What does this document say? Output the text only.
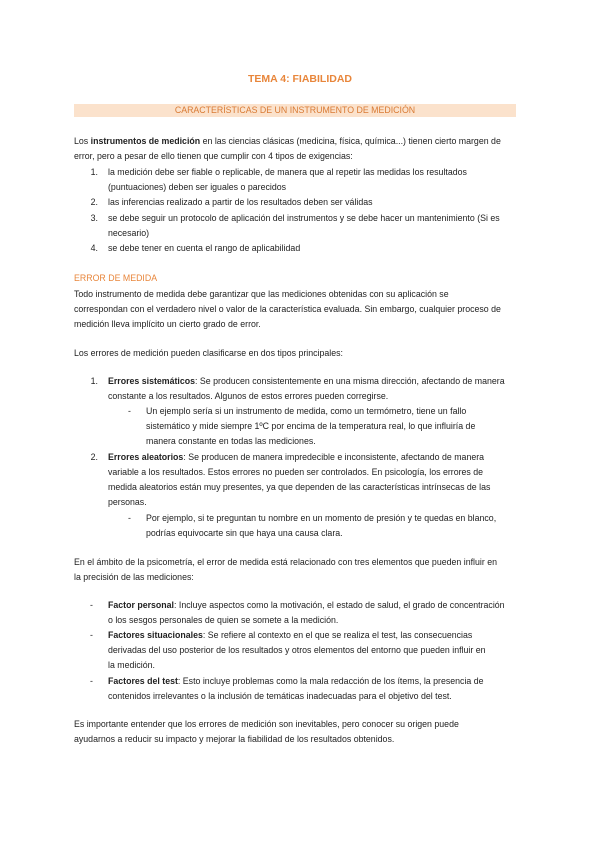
TEMA 4: FIABILIDAD
CARACTERÍSTICAS DE UN INSTRUMENTO DE MEDICIÓN
Los instrumentos de medición en las ciencias clásicas (medicina, física, química...) tienen cierto margen de
error, pero a pesar de ello tienen que cumplir con 4 tipos de exigencias:
1. la medición debe ser fiable o replicable, de manera que al repetir las medidas los resultados
(puntuaciones) deben ser iguales o parecidos
2. las inferencias realizado a partir de los resultados deben ser válidas
3. se debe seguir un protocolo de aplicación del instrumentos y se debe hacer un mantenimiento (Si es
necesario)
4. se debe tener en cuenta el rango de aplicabilidad
ERROR DE MEDIDA
Todo instrumento de medida debe garantizar que las mediciones obtenidas con su aplicación se
correspondan con el verdadero nivel o valor de la característica evaluada. Sin embargo, cualquier proceso de
medición lleva implícito un cierto grado de error.
Los errores de medición pueden clasificarse en dos tipos principales:
1. Errores sistemáticos: Se producen consistentemente en una misma dirección, afectando de manera
constante a los resultados. Algunos de estos errores pueden corregirse.
- Un ejemplo sería si un instrumento de medida, como un termómetro, tiene un fallo
sistemático y mide siempre 1ºC por encima de la temperatura real, lo que influiría de
manera constante en todas las mediciones.
2. Errores aleatorios: Se producen de manera impredecible e inconsistente, afectando de manera
variable a los resultados. Estos errores no pueden ser controlados. En psicología, los errores de
medida aleatorios están muy presentes, ya que dependen de las características intrínsecas de las
personas.
- Por ejemplo, si te preguntan tu nombre en un momento de presión y te quedas en blanco,
podrías equivocarte sin que haya una causa clara.
En el ámbito de la psicometría, el error de medida está relacionado con tres elementos que pueden influir en
la precisión de las mediciones:
- Factor personal: Incluye aspectos como la motivación, el estado de salud, el grado de concentración
o los sesgos personales de quien se somete a la medición.
- Factores situacionales: Se refiere al contexto en el que se realiza el test, las consecuencias
derivadas del uso posterior de los resultados y otros elementos del entorno que pueden influir en
la medición.
- Factores del test: Esto incluye problemas como la mala redacción de los ítems, la presencia de
contenidos irrelevantes o la inclusión de temáticas inadecuadas para el objetivo del test.
Es importante entender que los errores de medición son inevitables, pero conocer su origen puede
ayudarnos a reducir su impacto y mejorar la fiabilidad de los resultados obtenidos.
